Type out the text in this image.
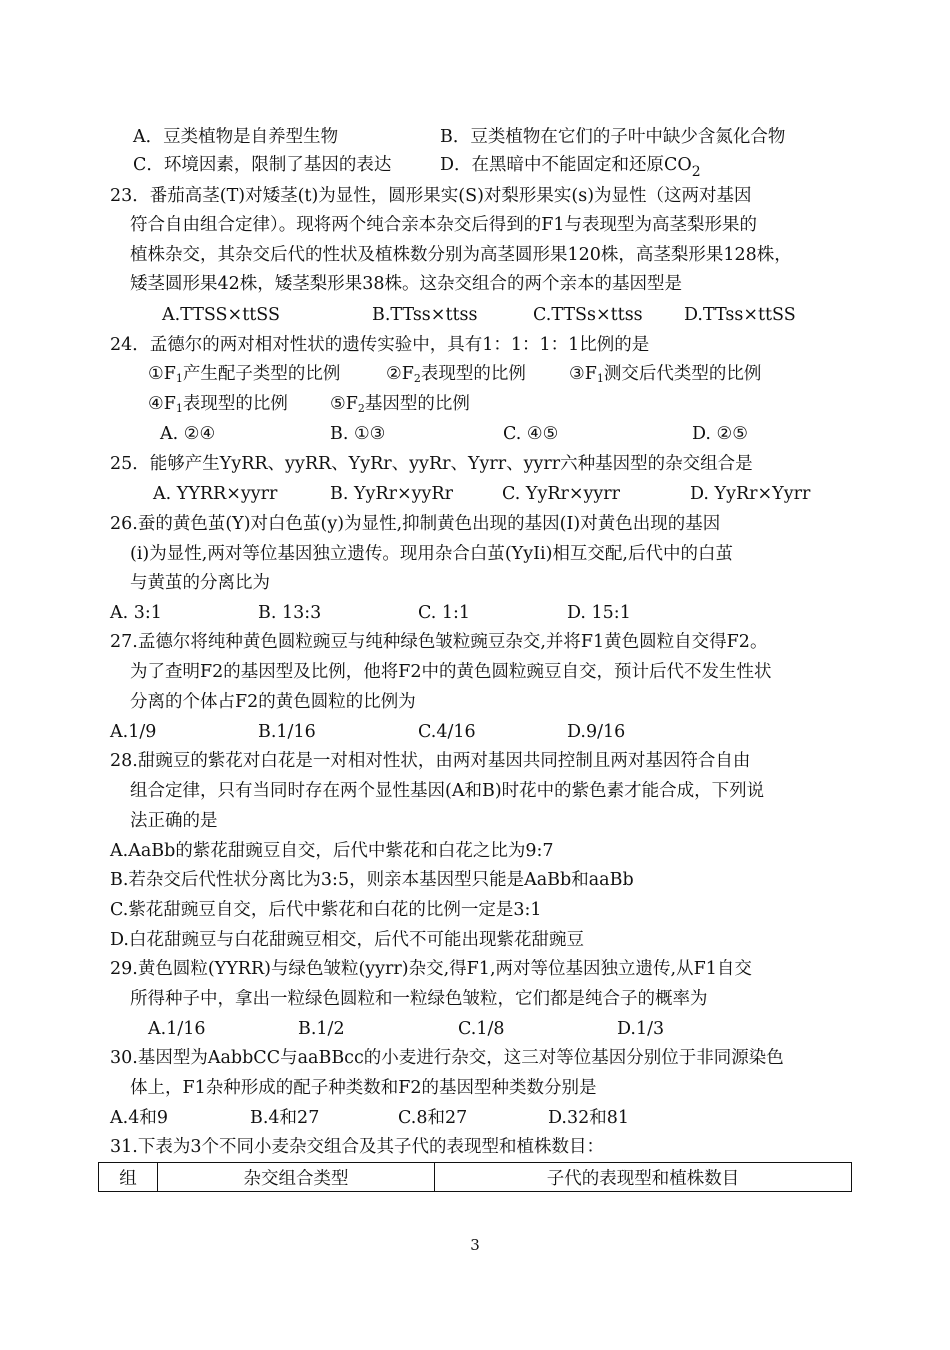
A．豆类植物是自养型生物	B．豆类植物在它们的子叶中缺少含氮化合物
C．环境因素，限制了基因的表达	D．在黑暗中不能固定和还原$CO_2$
23．番茄高茎(T)对矮茎(t)为显性，圆形果实(S)对梨形果实(s)为显性（这两对基因
符合自由组合定律）。现将两个纯合亲本杂交后得到的F1与表现型为高茎梨形果的
植株杂交，其杂交后代的性状及植株数分别为高茎圆形果120株，高茎梨形果128株，
矮茎圆形果42株，矮茎梨形果38株。这杂交组合的两个亲本的基因型是
A.TTSS×ttSS	B.TTss×ttss	C.TTSs×ttss D.TTss×ttSS
24．孟德尔的两对相对性状的遗传实验中，具有1：1：1：1比例的是
$①F_1$产生配子类型的比例	$②F_2$表现型的比例 $③F_1$测交后代类型的比例
$④F_1$表现型的比例 $⑤F_2$基因型的比例
A. ②④	B. ①③	C. ④⑤	D. ②⑤
25．能够产生YyRR、yyRR、YyRr、yyRr、Yyrr、yyrr六种基因型的杂交组合是
A. YYRR×yyrr	B. YyRr×yyRr	C. YyRr×yyrr	D. YyRr×Yyrr
26.蚕的黄色茧(Y)对白色茧(y)为显性,抑制黄色出现的基因(I)对黄色出现的基因
(i)为显性,两对等位基因独立遗传。现用杂合白茧(YyIi)相互交配,后代中的白茧
与黄茧的分离比为
A. 3:1	B. 13:3	C. 1:1	D. 15:1
27.孟德尔将纯种黄色圆粒豌豆与纯种绿色皱粒豌豆杂交,并将F1黄色圆粒自交得F2。
为了查明F2的基因型及比例，他将F2中的黄色圆粒豌豆自交，预计后代不发生性状
分离的个体占F2的黄色圆粒的比例为
A.1/9	B.1/16	C.4/16	D.9/16
28.甜豌豆的紫花对白花是一对相对性状，由两对基因共同控制且两对基因符合自由
组合定律，只有当同时存在两个显性基因(A和B)时花中的紫色素才能合成，下列说
法正确的是
A.AaBb的紫花甜豌豆自交，后代中紫花和白花之比为9:7
B.若杂交后代性状分离比为3:5，则亲本基因型只能是AaBb和aaBb
C.紫花甜豌豆自交，后代中紫花和白花的比例一定是3:1
D.白花甜豌豆与白花甜豌豆相交，后代不可能出现紫花甜豌豆
29.黄色圆粒(YYRR)与绿色皱粒(yyrr)杂交,得F1,两对等位基因独立遗传,从F1自交
所得种子中，拿出一粒绿色圆粒和一粒绿色皱粒，它们都是纯合子的概率为
A.1/16	B.1/2	C.1/8	D.1/3
30.基因型为AabbCC与aaBBcc的小麦进行杂交，这三对等位基因分别位于非同源染色
体上，F1杂种形成的配子种类数和F2的基因型种类数分别是
A.4和9	B.4和27	C.8和27	D.32和81
31.下表为3个不同小麦杂交组合及其子代的表现型和植株数目：
组	杂交组合类型	子代的表现型和植株数目
3
